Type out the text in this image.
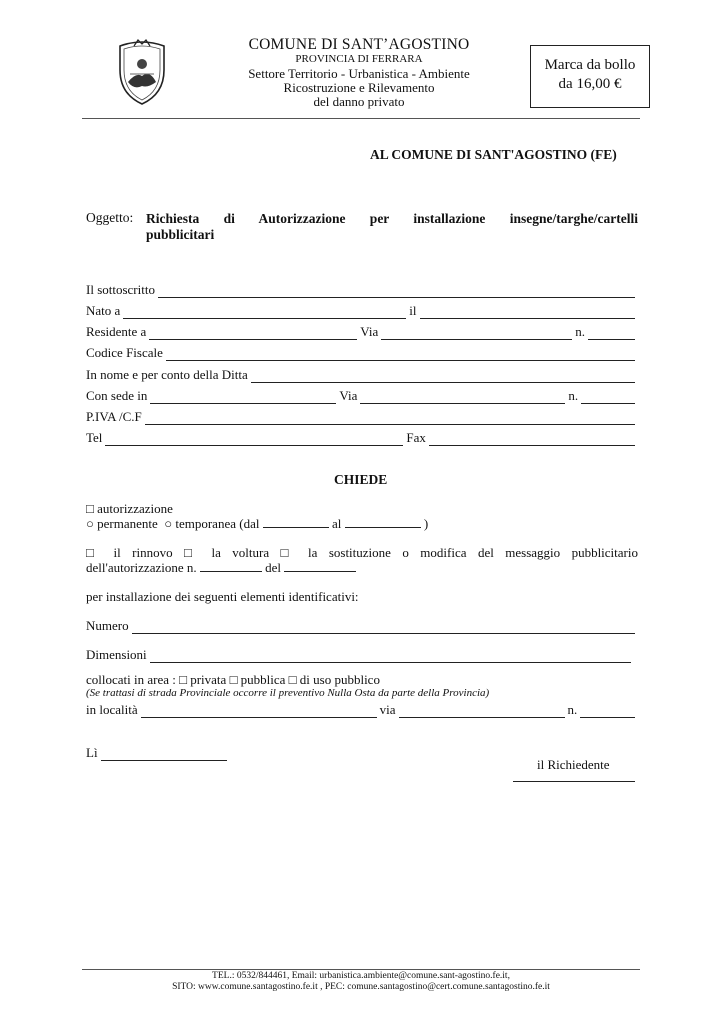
COMUNE DI SANT’AGOSTINO
PROVINCIA DI FERRARA
Settore Territorio - Urbanistica - Ambiente
Ricostruzione e Rilevamento
del danno privato
Marca da bollo
da 16,00 €
AL COMUNE DI SANT'AGOSTINO (FE)
Oggetto: Richiesta di Autorizzazione per installazione insegne/targhe/cartelli
pubblicitari
Il sottoscritto
Nato a	il
Residente a	Via	n.
Codice Fiscale
In nome e per conto della Ditta
Con sede in	Via	n.
P.IVA /C.F
Tel	Fax
CHIEDE
□ autorizzazione
○ permanente ○ temporanea (dal	al	)
□ il rinnovo □ la voltura □ la sostituzione o modifica del messaggio pubblicitario
dell'autorizzazione n.	del
per installazione dei seguenti elementi identificativi:
Numero
Dimensioni
collocati in area : □ privata □ pubblica □ di uso pubblico
(Se trattasi di strada Provinciale occorre il preventivo Nulla Osta da parte della Provincia)
in località	via	n.
Lì
il Richiedente
TEL.: 0532/844461, Email: urbanistica.ambiente@comune.sant-agostino.fe.it,
SITO: www.comune.santagostino.fe.it , PEC: comune.santagostino@cert.comune.santagostino.fe.it
